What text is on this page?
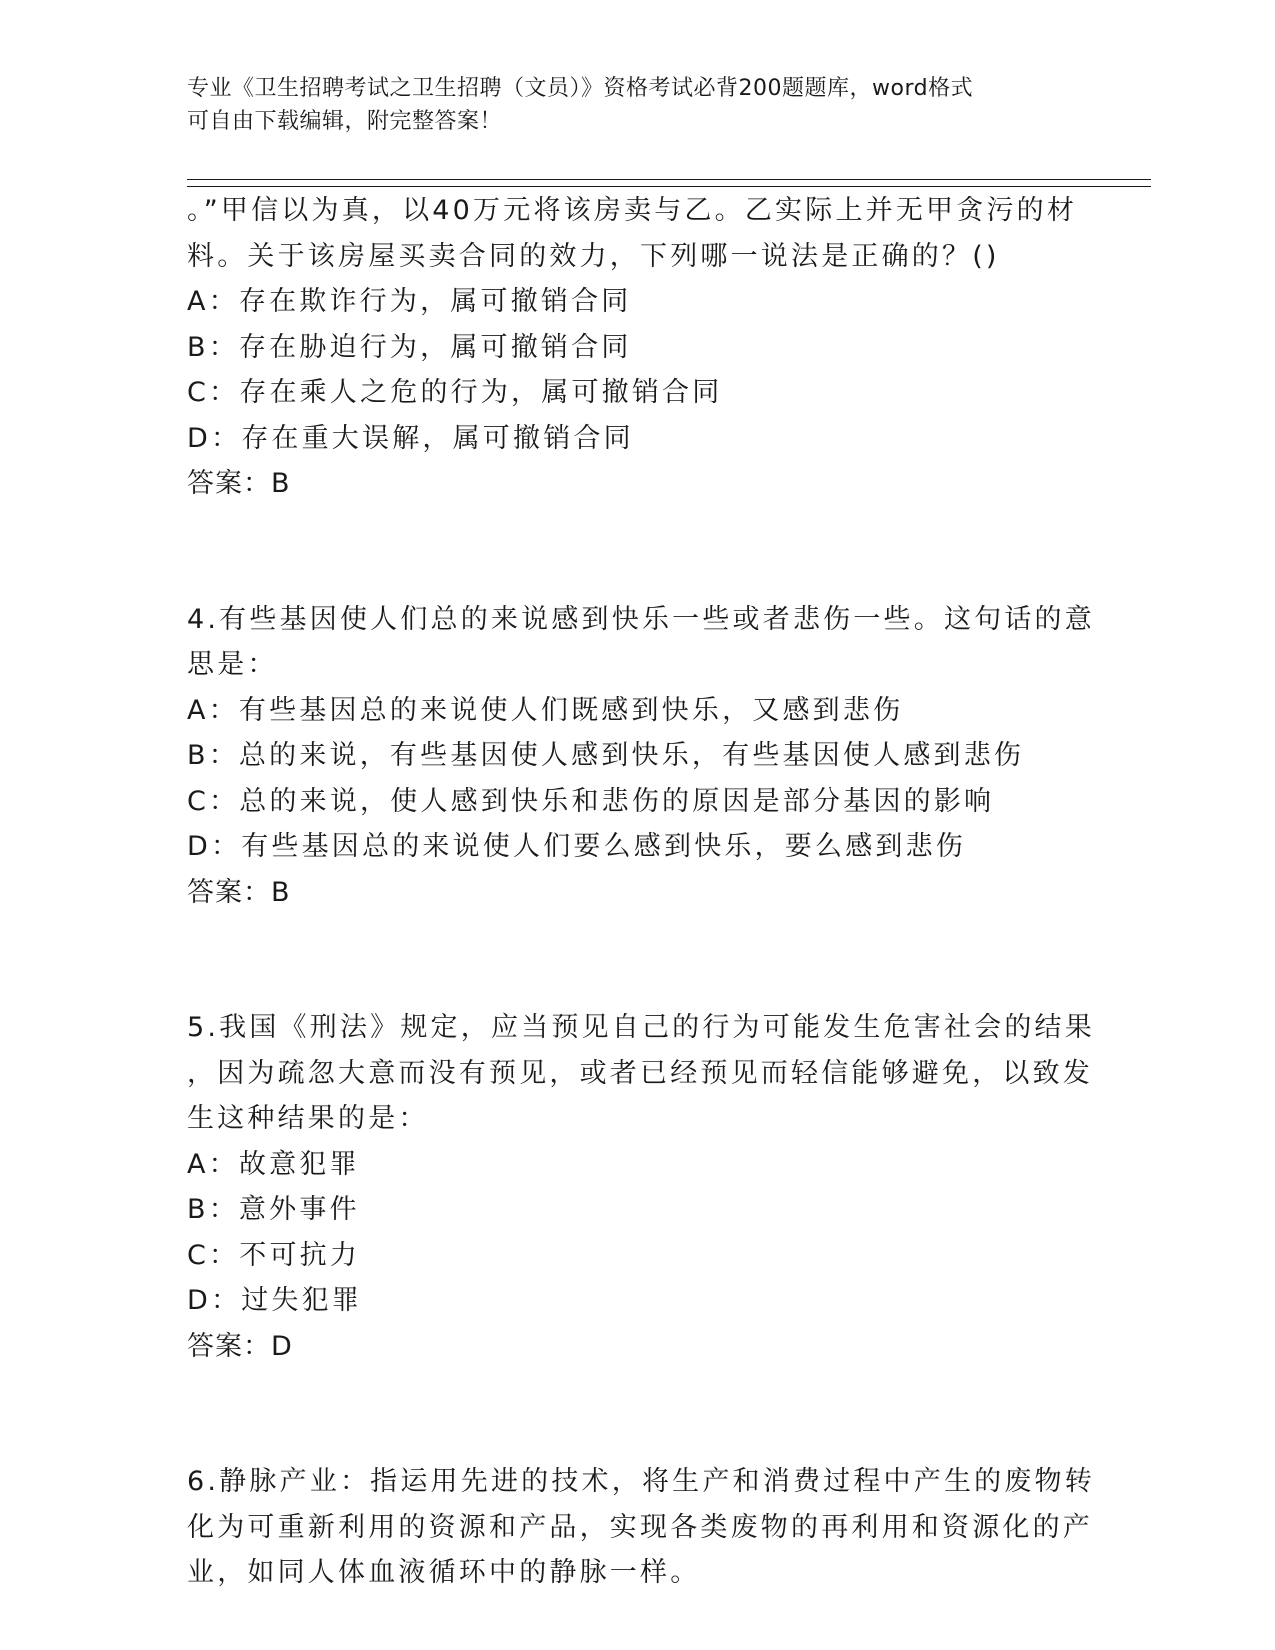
专业《卫生招聘考试之卫生招聘（文员）》资格考试必背200题题库，word格式
可自由下载编辑，附完整答案！
。”甲信以为真，以40万元将该房卖与乙。乙实际上并无甲贪污的材
料。关于该房屋买卖合同的效力，下列哪一说法是正确的？()
A：存在欺诈行为，属可撤销合同
B：存在胁迫行为，属可撤销合同
C：存在乘人之危的行为，属可撤销合同
D：存在重大误解，属可撤销合同
答案：B
4.有些基因使人们总的来说感到快乐一些或者悲伤一些。这句话的意
思是：
A：有些基因总的来说使人们既感到快乐，又感到悲伤
B：总的来说，有些基因使人感到快乐，有些基因使人感到悲伤
C：总的来说，使人感到快乐和悲伤的原因是部分基因的影响
D：有些基因总的来说使人们要么感到快乐，要么感到悲伤
答案：B
5.我国《刑法》规定，应当预见自己的行为可能发生危害社会的结果
，因为疏忽大意而没有预见，或者已经预见而轻信能够避免，以致发
生这种结果的是：
A：故意犯罪
B：意外事件
C：不可抗力
D：过失犯罪
答案：D
6.静脉产业：指运用先进的技术，将生产和消费过程中产生的废物转
化为可重新利用的资源和产品，实现各类废物的再利用和资源化的产
业，如同人体血液循环中的静脉一样。
